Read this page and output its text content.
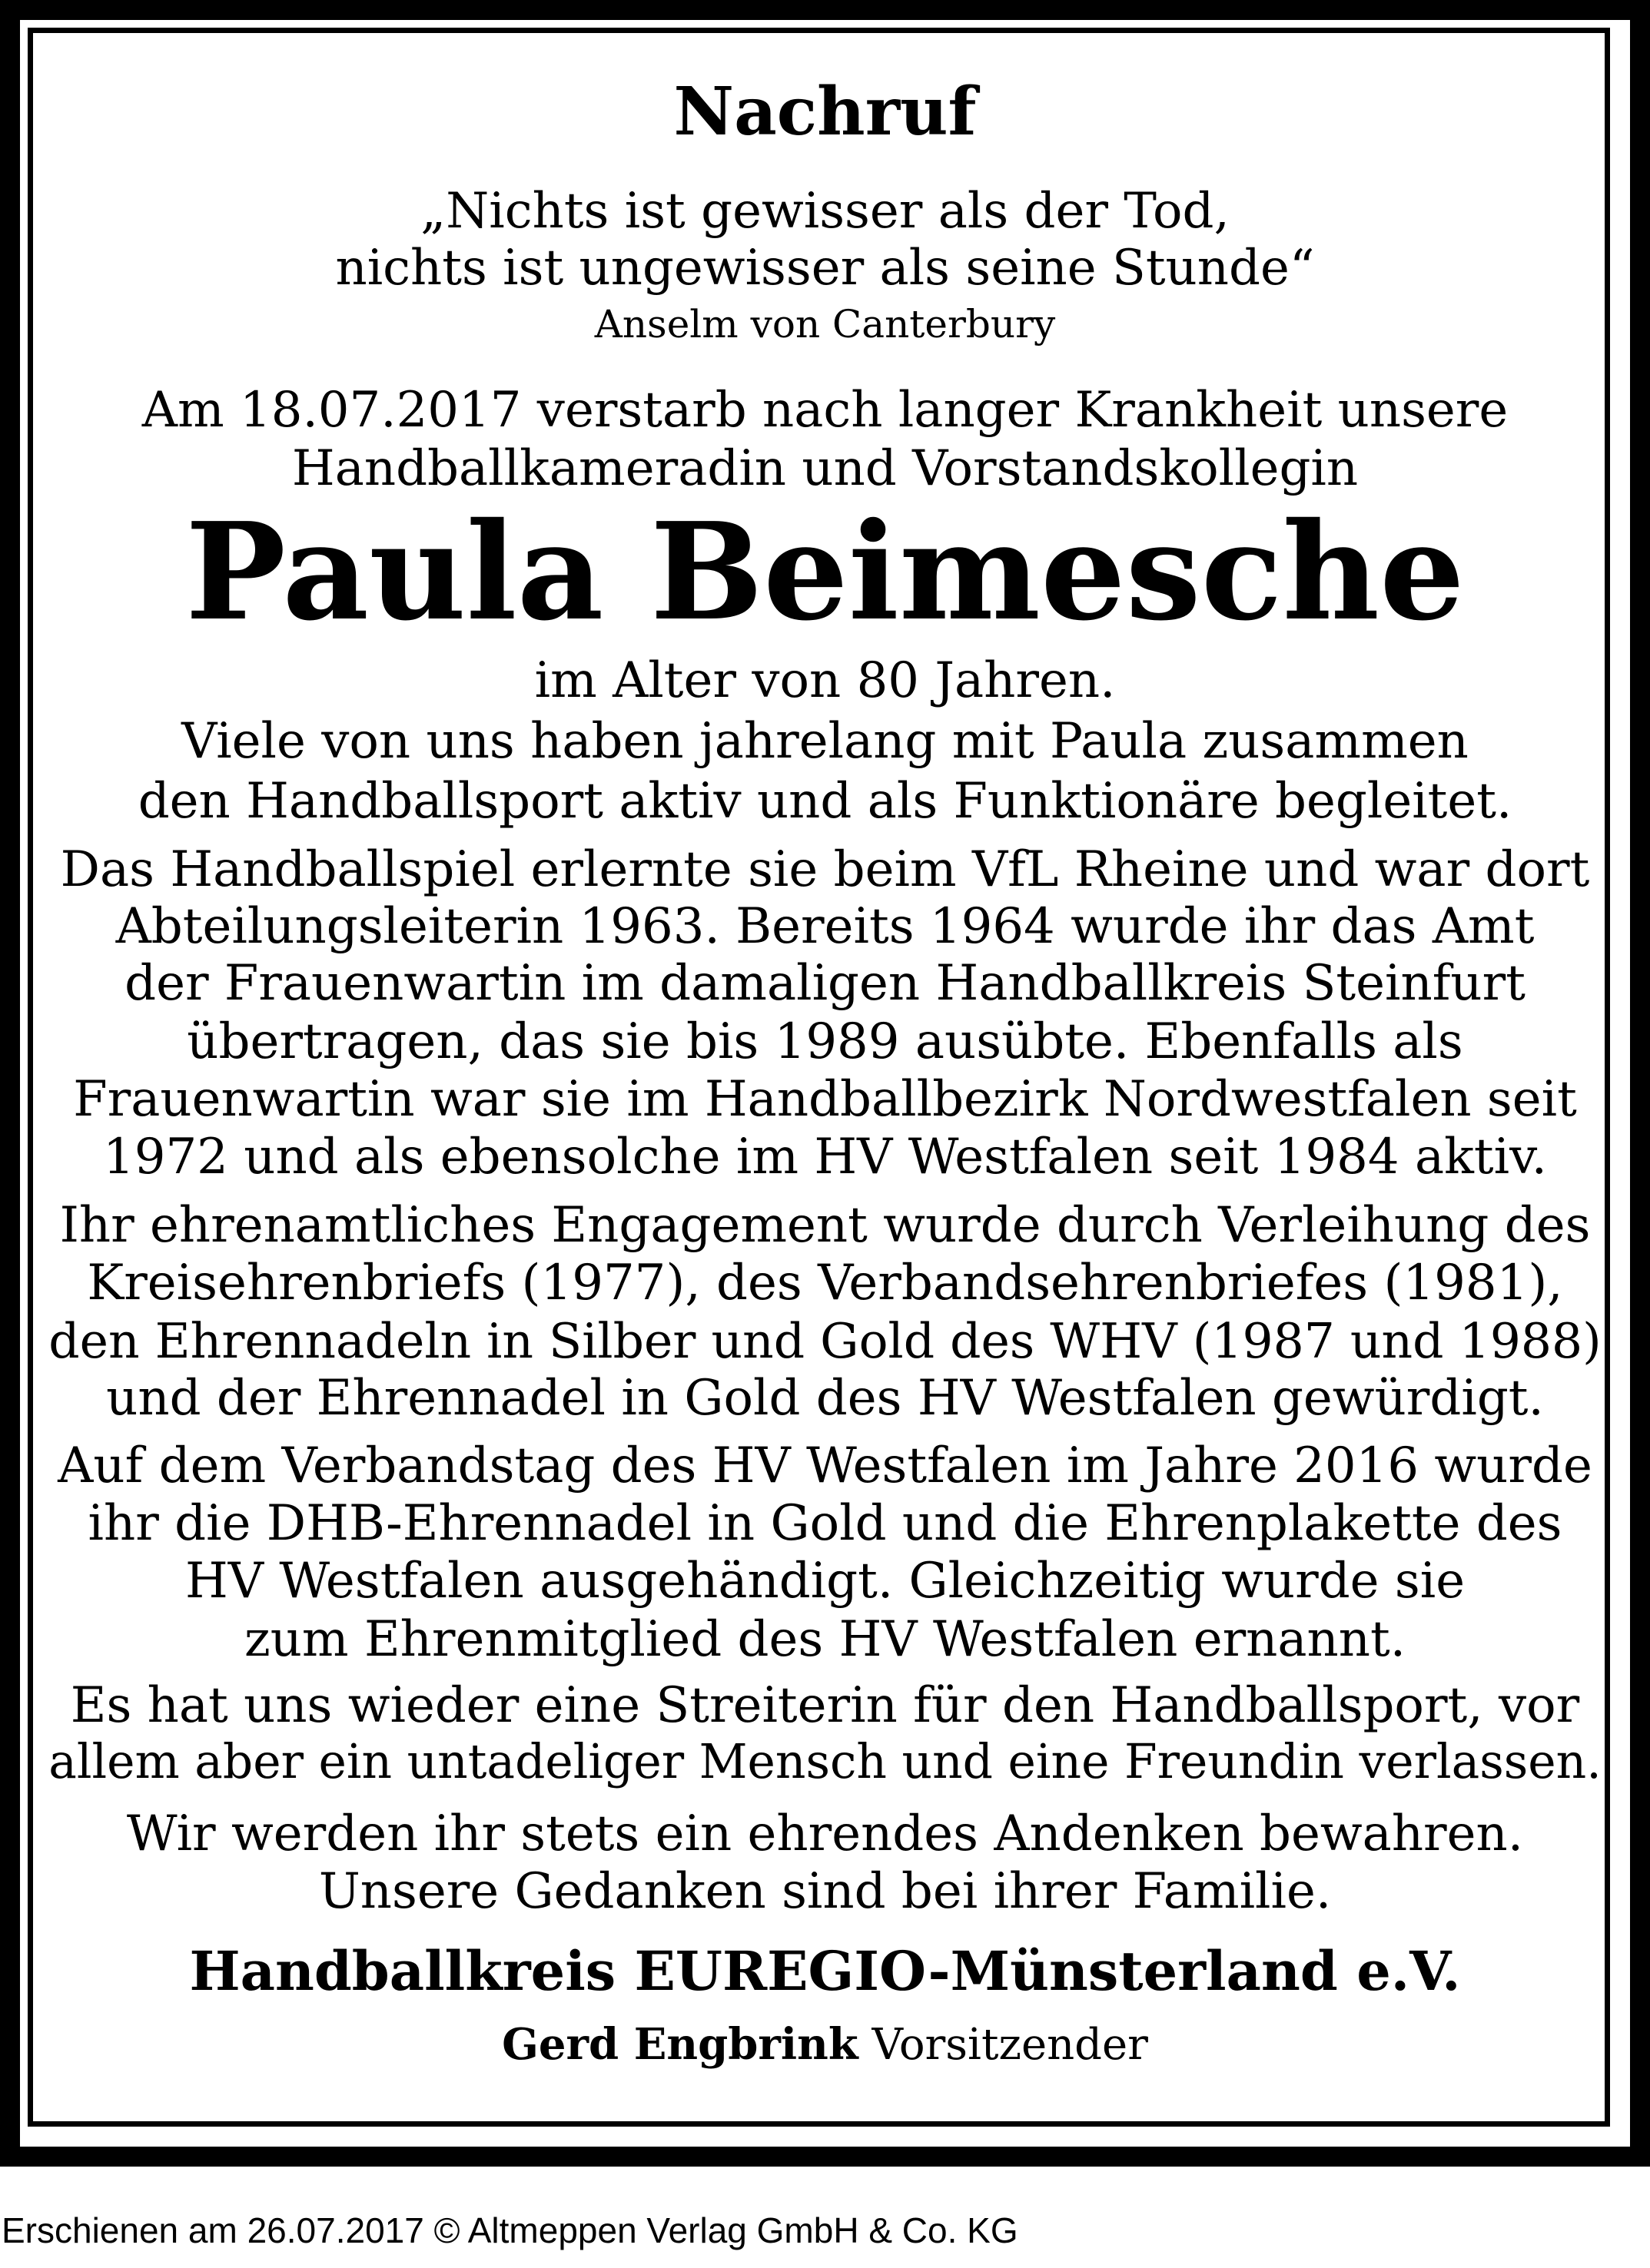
Nachruf
„Nichts ist gewisser als der Tod,
nichts ist ungewisser als seine Stunde“
Anselm von Canterbury
Am 18.07.2017 verstarb nach langer Krankheit unsere
Handballkameradin und Vorstandskollegin
Paula Beimesche
im Alter von 80 Jahren.
Viele von uns haben jahrelang mit Paula zusammen
den Handballsport aktiv und als Funktionäre begleitet.
Das Handballspiel erlernte sie beim VfL Rheine und war dort
Abteilungsleiterin 1963. Bereits 1964 wurde ihr das Amt
der Frauenwartin im damaligen Handballkreis Steinfurt
übertragen, das sie bis 1989 ausübte. Ebenfalls als
Frauenwartin war sie im Handballbezirk Nordwestfalen seit
1972 und als ebensolche im HV Westfalen seit 1984 aktiv.
Ihr ehrenamtliches Engagement wurde durch Verleihung des
Kreisehrenbriefs (1977), des Verbandsehrenbriefes (1981),
den Ehrennadeln in Silber und Gold des WHV (1987 und 1988)
und der Ehrennadel in Gold des HV Westfalen gewürdigt.
Auf dem Verbandstag des HV Westfalen im Jahre 2016 wurde
ihr die DHB-Ehrennadel in Gold und die Ehrenplakette des
HV Westfalen ausgehändigt. Gleichzeitig wurde sie
zum Ehrenmitglied des HV Westfalen ernannt.
Es hat uns wieder eine Streiterin für den Handballsport, vor
allem aber ein untadeliger Mensch und eine Freundin verlassen.
Wir werden ihr stets ein ehrendes Andenken bewahren.
Unsere Gedanken sind bei ihrer Familie.
Handballkreis EUREGIO-Münsterland e.V.
Gerd Engbrink Vorsitzender
Erschienen am 26.07.2017 © Altmeppen Verlag GmbH & Co. KG
